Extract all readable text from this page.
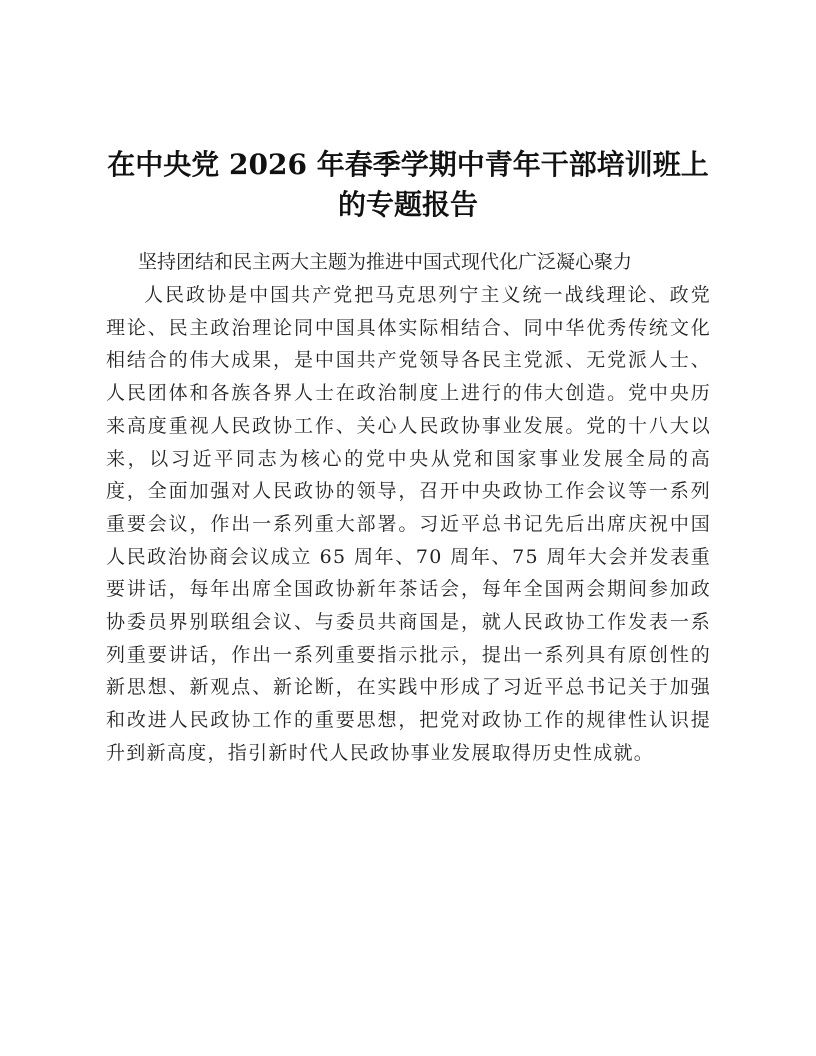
在中央党 2026 年春季学期中青年干部培训班上的专题报告

坚持团结和民主两大主题为推进中国式现代化广泛凝心聚力

人民政协是中国共产党把马克思列宁主义统一战线理论、政党理论、民主政治理论同中国具体实际相结合、同中华优秀传统文化相结合的伟大成果，是中国共产党领导各民主党派、无党派人士、人民团体和各族各界人士在政治制度上进行的伟大创造。党中央历来高度重视人民政协工作、关心人民政协事业发展。党的十八大以来，以习近平同志为核心的党中央从党和国家事业发展全局的高度，全面加强对人民政协的领导，召开中央政协工作会议等一系列重要会议，作出一系列重大部署。习近平总书记先后出席庆祝中国人民政治协商会议成立 65 周年、70 周年、75 周年大会并发表重要讲话，每年出席全国政协新年茶话会，每年全国两会期间参加政协委员界别联组会议、与委员共商国是，就人民政协工作发表一系列重要讲话，作出一系列重要指示批示，提出一系列具有原创性的新思想、新观点、新论断，在实践中形成了习近平总书记关于加强和改进人民政协工作的重要思想，把党对政协工作的规律性认识提升到新高度，指引新时代人民政协事业发展取得历史性成就。
